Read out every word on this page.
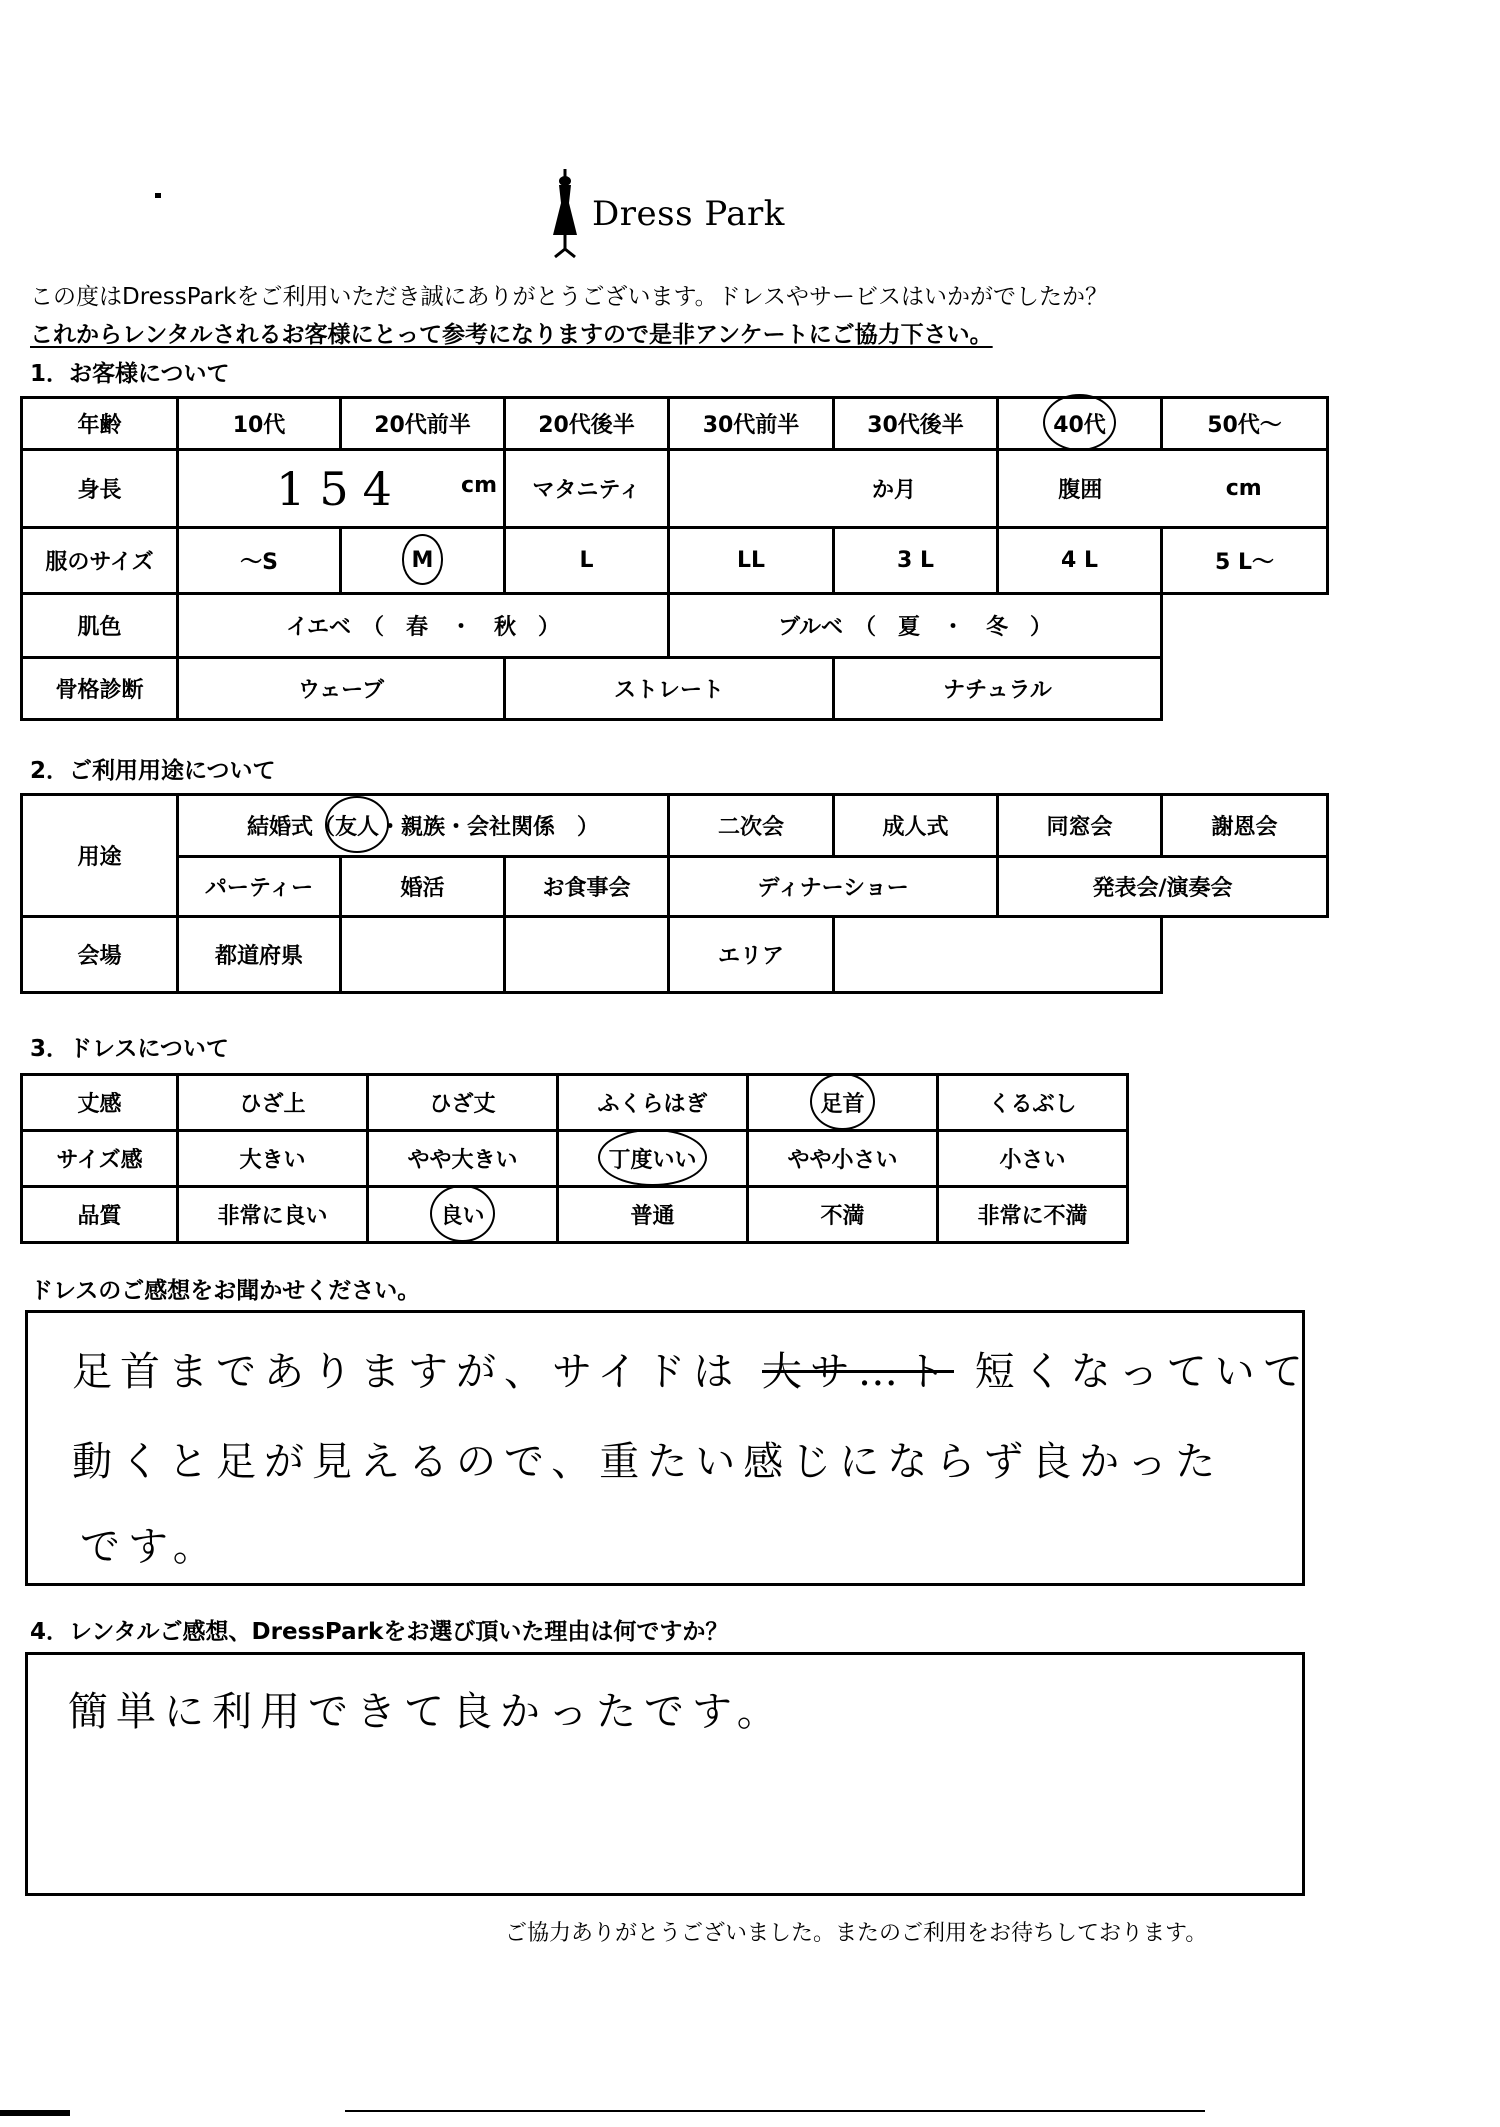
Dress Park
この度はDressParkをご利用いただき誠にありがとうございます。ドレスやサービスはいかがでしたか？
これからレンタルされるお客様にとって参考になりますので是非アンケートにご協力下さい。
1．お客様について
年齢	10代	20代前半	20代後半	30代前半	30代後半	40代	50代〜
身長	154 cm		マタニティ	か月		腹囲	cm
服のサイズ	〜S	M	L	LL	3 L	4 L	5 L〜
肌色	イエベ　（　春　・　秋　）			ブルベ　（　夏　・　冬　）			
骨格診断	ウェーブ		ストレート		ナチュラル		
2．ご利用用途について
用途	結婚式（友人・親族・会社関係　）			二次会	成人式	同窓会	謝恩会
	パーティー	婚活	お食事会	ディナーショー		発表会/演奏会	
会場	都道府県			エリア			
3．ドレスについて
丈感	ひざ上	ひざ丈	ふくらはぎ	足首	くるぶし
サイズ感	大きい	やや大きい	丁度いい	やや小さい	小さい
品質	非常に良い	良い	普通	不満	非常に不満
ドレスのご感想をお聞かせください。
足首までありますが、サイドは 大サ…ト 短くなっていて
動くと足が見えるので、重たい感じにならず良かった
です。
4．レンタルご感想、DressParkをお選び頂いた理由は何ですか？
簡単に利用できて良かったです。
ご協力ありがとうございました。またのご利用をお待ちしております。
